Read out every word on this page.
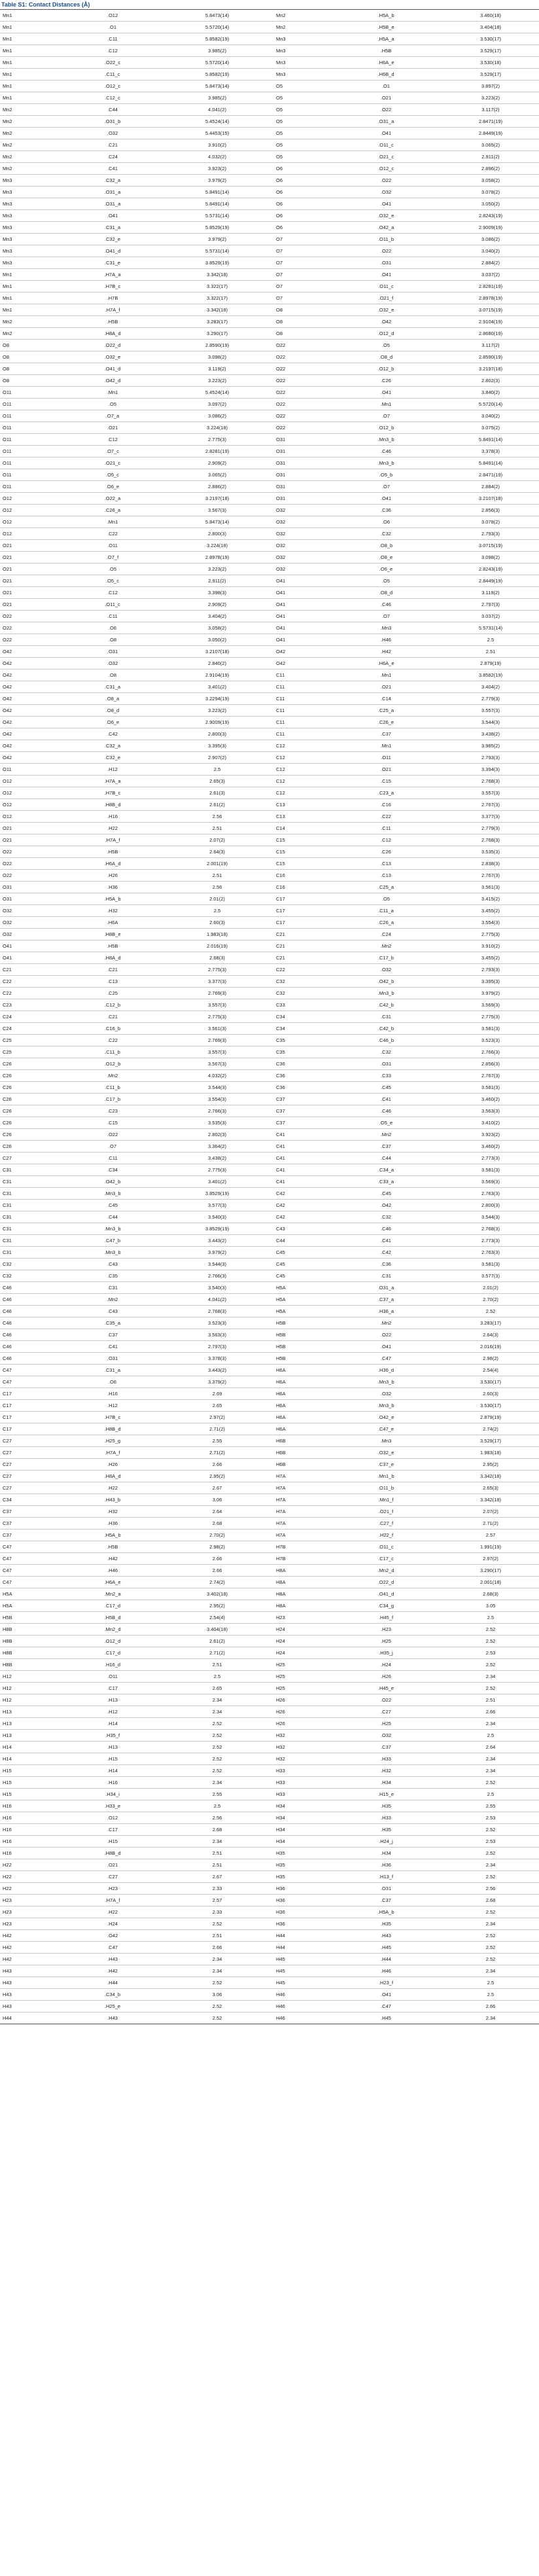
Table S1: Contact Distances (Å)
Mn1	.O12	5.8473(14)		Mn2	.H5A_b	3.460(18)
Mn1	.O1	5.5720(14)		Mn2	.H5B_e	3.404(18)
Mn1	.C11	5.8582(19)		Mn3	.H5A_a	3.530(17)
Mn1	.C12	3.985(2)		Mn3	.H5B	3.529(17)
Mn1	.O22_c	5.5720(14)		Mn3	.H6A_e	3.530(18)
Mn1	.C11_c	5.8582(19)		Mn3	.H6B_d	3.529(17)
Mn1	.O12_c	5.8473(14)		O5	.O1	3.897(2)
Mn1	.C12_c	3.985(2)		O5	.O21	3.223(2)
Mn2	.C44	4.041(2)		O5	.O22	3.117(2)
Mn2	.O31_b	5.4524(14)		O5	.O31_a	2.8471(19)
Mn2	.O32	5.4453(15)		O5	.O41	2.8449(19)
Mn2	.C21	3.910(2)		O5	.O11_c	3.065(2)
Mn2	.C24	4.032(2)		O5	.O21_c	2.911(2)
Mn2	.C41	3.923(2)		O6	.O12_c	2.896(2)
Mn3	.C32_a	3.979(2)		O6	.O22	3.058(2)
Mn3	.O31_a	5.8491(14)		O6	.O32	3.078(2)
Mn3	.O31_a	5.8491(14)		O6	.O41	3.050(2)
Mn3	.O41	5.5731(14)		O6	.O32_e	2.8243(19)
Mn3	.C31_a	5.8529(19)		O6	.O42_a	2.9009(19)
Mn3	.C32_e	3.979(2)		O7	.O11_b	3.086(2)
Mn3	.O41_d	5.5731(14)		O7	.O22	3.040(2)
Mn3	.C31_e	3.8529(19)		O7	.O31	2.884(2)
Mn1	.H7A_a	3.342(18)		O7	.O41	3.037(2)
Mn1	.H7B_c	3.322(17)		O7	.O11_c	2.8281(19)
Mn1	.H7B	3.322(17)		O7	.O21_f	2.8978(19)
Mn1	.H7A_f	3.342(18)		O8	.O32_e	3.0715(19)
Mn2	.H5B	3.283(17)		O8	.O42	2.9104(19)
Mn2	.H8A_d	3.290(17)		O8	.O12_d	2.8680(19)
O8	.O22_d	2.8590(19)		O22	.O5	3.117(2)
O8	.O32_e	3.098(2)		O22	.O8_d	2.8590(19)
O8	.O41_d	3.119(2)		O22	.O12_b	3.2197(18)
O8	.O42_d	3.223(2)		O22	.C26	2.802(3)
O11	.Mn1	5.4524(14)		O22	.O41	3.840(2)
O11	.O5	3.097(2)		O22	.Mn1	5.5720(14)
O11	.O7_a	3.086(2)		O22	.O7	3.040(2)
O11	.O21	3.224(18)		O22	.O12_b	3.075(2)
O11	.C12	2.775(3)		O31	.Mn3_b	5.8491(14)
O11	.O7_c	2.8281(19)		O31	.C46	3.378(3)
O11	.O21_c	2.909(2)		O31	.Mn3_b	5.8491(14)
O11	.O5_c	3.065(2)		O31	.O5_b	2.8471(19)
O11	.O6_e	2.886(2)		O31	.O7	2.884(2)
O12	.O22_a	3.2197(18)		O31	.O41	3.2107(18)
O12	.C26_a	3.567(3)		O32	.C36	2.856(3)
O12	.Mn1	5.8473(14)		O32	.O6	3.078(2)
O12	.C22	2.800(3)		O32	.C32	2.793(3)
O21	.O11	3.224(18)		O32	.O8_b	3.0715(19)
O21	.O7_f	2.8978(19)		O32	.O8_e	3.098(2)
O21	.O5	3.223(2)		O32	.O6_e	2.8243(19)
O21	.O5_c	2.911(2)		O41	.O5	2.8449(19)
O21	.C12	3.398(3)		O41	.O8_d	3.119(2)
O21	.O11_c	2.909(2)		O41	.C46	2.797(3)
O22	.C11	3.404(2)		O41	.O7	3.037(2)
O22	.O6	3.058(2)		O41	.Mn3	5.5731(14)
O22	.O8	3.050(2)		O41	.H46	2.5
O42	.O31	3.2107(18)		O42	.H42	2.51
O42	.O32	2.840(2)		O42	.H6A_e	2.879(19)
O42	.O8	2.9104(19)		C11	.Mn1	3.8582(19)
O42	.C31_a	3.401(2)		C11	.O21	3.404(2)
O42	.O8_a	3.2294(19)		C11	.C14	2.779(3)
O42	.O8_d	3.223(2)		C11	.C25_a	3.557(3)
O42	.O6_e	2.9009(19)		C11	.C26_e	3.544(3)
O42	.C42	2.800(3)		C11	.C37	3.438(2)
O42	.C32_a	3.395(3)		C12	.Mn1	3.985(2)
O42	.C32_e	2.907(2)		C12	.O11	2.793(3)
O11	.H12	2.5		C12	.O21	3.394(3)
O12	.H7A_a	2.65(3)		C12	.C15	2.768(3)
O12	.H7B_c	2.61(3)		C12	.C23_a	3.557(3)
O12	.H8B_d	2.61(2)		C13	.C16	2.767(3)
O12	.H16	2.56		C13	.C22	3.377(3)
O21	.H22	2.51		C14	.C11	2.779(3)
O21	.H7A_f	2.07(2)		C15	.C12	2.768(3)
O22	.H5B	2.64(3)		C15	.C26	3.535(3)
O22	.H6A_d	2.001(19)		C15	.C13	2.838(3)
O22	.H26	2.51		C16	.C13	2.767(3)
O31	.H36	2.56		C16	.C25_a	3.561(3)
O31	.H5A_b	2.01(2)		C17	.O5	3.415(2)
O32	.H32	2.5		C17	.C11_a	3.455(2)
O32	.H6A	2.60(3)		C17	.C26_a	3.554(3)
O32	.H8B_e	1.983(18)		C21	.C24	2.775(3)
O41	.H5B	2.016(19)		C21	.Mn2	3.910(2)
O41	.H8A_d	2.68(3)		C21	.C17_b	3.455(2)
C21	.C21	2.775(3)		C22	.O32	2.793(3)
C22	.C13	3.377(3)		C32	.O42_b	3.395(3)
C22	.C25	2.769(3)		C32	.Mn3_b	3.979(2)
C23	.C12_b	3.557(3)		C33	.C42_b	3.569(3)
C24	.C21	2.775(3)		C34	.C31	2.775(3)
C24	.C16_b	3.561(3)		C34	.C42_b	3.581(3)
C25	.C22	2.769(3)		C35	.C46_b	3.523(3)
C25	.C11_b	3.557(3)		C35	.C32	2.766(3)
C26	.O12_b	3.567(3)		C36	.O31	2.856(3)
C26	.Mn2	4.032(2)		C36	.C33	2.767(3)
C26	.C11_b	3.544(3)		C36	.C45	3.581(3)
C26	.C17_b	3.554(3)		C37	.C41	3.460(2)
C26	.C23	2.766(3)		C37	.C46	3.563(3)
C26	.C15	3.535(3)		C37	.O5_e	3.410(2)
C26	.O22	2.802(3)		C41	.Mn2	3.923(2)
C26	.O7	3.364(2)		C41	.C37	3.460(2)
C27	.C11	3.438(2)		C41	.C44	2.773(3)
C31	.C34	2.775(3)		C41	.C34_a	3.581(3)
C31	.O42_b	3.401(2)		C41	.C33_a	3.569(3)
C31	.Mn3_b	3.8529(19)		C42	.C45	2.763(3)
C31	.C45	3.577(3)		C42	.O42	2.800(3)
C31	.C44	3.540(3)		C42	.C32	3.544(3)
C31	.Mn3_b	3.8529(19)		C43	.C46	2.768(3)
C31	.C47_b	3.443(2)		C44	.C41	2.773(3)
C31	.Mn3_b	3.979(2)		C45	.C42	2.763(3)
C32	.C43	3.544(3)		C45	.C36	3.581(3)
C32	.C35	2.766(3)		C45	.C31	3.577(3)
C46	.C31	3.540(3)		H5A	.O31_a	2.01(2)
C46	.Mn2	4.041(2)		H5A	.C37_a	2.70(2)
C46	.C43	2.768(3)		H5A	.H36_a	2.52
C46	.C35_a	3.523(3)		H5B	.Mn2	3.283(17)
C46	.C37	3.563(3)		H5B	.O22	2.64(3)
C46	.C41	2.797(3)		H5B	.O41	2.016(19)
C46	.O31	3.378(3)		H5B	.C47	2.98(2)
C47	.C31_a	3.443(2)		H6A	.H36_d	2.54(4)
C47	.O6	3.379(2)		H6A	.Mn3_b	3.530(17)
C17	.H16	2.69		H6A	.O32	2.60(3)
C17	.H12	2.65		H6A	.Mn3_b	3.530(17)
C17	.H7B_c	2.97(2)		H6A	.O42_e	2.879(19)
C17	.H8B_d	2.71(2)		H6A	.C47_e	2.74(2)
C27	.H25_g	2.55		H6B	.Mn3	3.529(17)
C27	.H7A_f	2.71(2)		H6B	.O32_e	1.983(18)
C27	.H26	2.66		H6B	.C37_e	2.95(2)
C27	.H8A_d	2.95(2)		H7A	.Mn1_b	3.342(18)
C27	.H22	2.67		H7A	.O11_b	2.65(3)
C34	.H43_b	3.06		H7A	.Mn1_f	3.342(18)
C37	.H32	2.64		H7A	.O21_f	2.07(2)
C37	.H36	2.68		H7A	.C27_f	2.71(2)
C37	.H5A_b	2.70(2)		H7A	.H22_f	2.57
C47	.H5B	2.98(2)		H7B	.O11_c	1.991(19)
C47	.H42	2.66		H7B	.C17_c	2.97(2)
C47	.H46	2.66		H8A	.Mn2_d	3.290(17)
C47	.H6A_e	2.74(2)		H8A	.O22_d	2.001(18)
H5A	.Mn2_a	3.402(18)		H8A	.O41_d	2.68(3)
H5A	.C17_d	2.95(2)		H8A	.C34_g	3.05
H5B	.H5B_d	2.54(4)		H23	.H45_f	2.5
H8B	.Mn2_d	3.404(18)		H24	.H23	2.52
H8B	.O12_d	2.61(2)		H24	.H25	2.52
H8B	.C17_d	2.71(2)		H24	.H35_j	2.53
H8B	.H16_d	2.51		H25	.H24	2.52
H12	.O11	2.5		H25	.H26	2.34
H12	.C17	2.65		H25	.H45_e	2.52
H12	.H13	2.34		H26	.O22	2.51
H13	.H12	2.34		H26	.C27	2.66
H13	.H14	2.52		H26	.H25	2.34
H13	.H35_f	2.52		H32	.O32	2.5
H14	.H13	2.52		H32	.C37	2.64
H14	.H15	2.52		H32	.H33	2.34
H15	.H14	2.52		H33	.H32	2.34
H15	.H16	2.34		H33	.H34	2.52
H15	.H34_i	2.55		H33	.H15_e	2.5
H16	.H33_e	2.5		H34	.H35	2.55
H16	.O12	2.56		H34	.H33	2.53
H16	.C17	2.68		H34	.H35	2.52
H16	.H15	2.34		H34	.H24_j	2.53
H16	.H8B_d	2.51		H35	.H34	2.52
H22	.O21	2.51		H35	.H36	2.34
H22	.C27	2.67		H35	.H13_f	2.52
H22	.H23	2.33		H36	.O31	2.56
H23	.H7A_f	2.57		H36	.C37	2.68
H23	.H22	2.33		H36	.H5A_b	2.52
H23	.H24	2.52		H36	.H35	2.34
H42	.O42	2.51		H44	.H43	2.52
H42	.C47	2.66		H44	.H45	2.52
H42	.H43	2.34		H45	.H44	2.52
H43	.H42	2.34		H45	.H46	2.34
H43	.H44	2.52		H45	.H23_f	2.5
H43	.C34_b	3.06		H46	.O41	2.5
H43	.H25_e	2.52		H46	.C47	2.66
H44	.H43	2.52		H46	.H45	2.34
